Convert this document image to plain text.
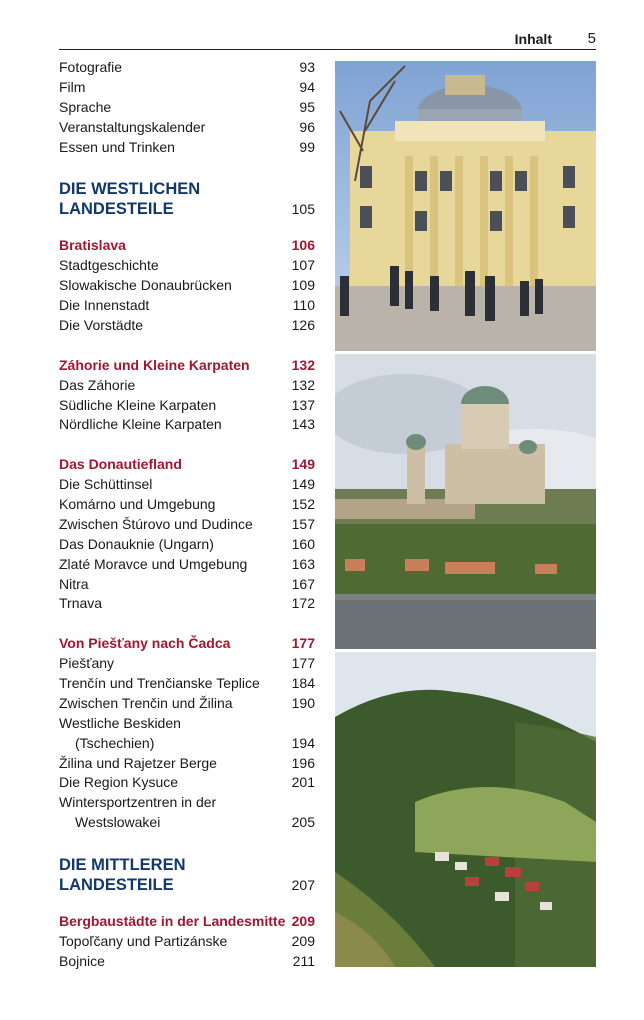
Inhalt	5
Fotografie	93
Film	94
Sprache	95
Veranstaltungskalender	96
Essen und Trinken	99
DIE WESTLICHEN
LANDESTEILE	105
Bratislava	106
Stadtgeschichte	107
Slowakische Donaubrücken	109
Die Innenstadt	110
Die Vorstädte	126
Záhorie und Kleine Karpaten	132
Das Záhorie	132
Südliche Kleine Karpaten	137
Nördliche Kleine Karpaten	143
Das Donautiefland	149
Die Schüttinsel	149
Komárno und Umgebung	152
Zwischen Štúrovo und Dudince	157
Das Donauknie (Ungarn)	160
Zlaté Moravce und Umgebung	163
Nitra	167
Trnava	172
Von Piešťany nach Čadca	177
Piešťany	177
Trenčín und Trenčianske Teplice 184
Zwischen Trenčin und Žilina	190
Westliche Beskiden
(Tschechien)	194
Žilina und Rajetzer Berge	196
Die Region Kysuce	201
Wintersportzentren in der
Westslowakei	205
DIE MITTLEREN
LANDESTEILE	207
Bergbaustädte in der Landesmitte 209
Topoľčany und Partizánske	209
Bojnice	211
